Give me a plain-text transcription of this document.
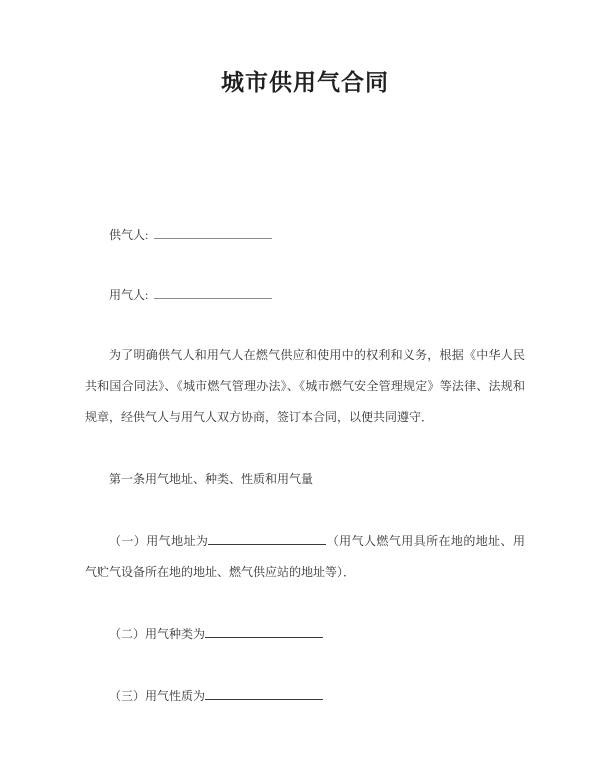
城市供用气合同

供气人:

用气人:

为了明确供气人和用气人在燃气供应和使用中的权利和义务，根据《中华人民共和国合同法》、《城市燃气管理办法》、《城市燃气安全管理规定》等法律、法规和规章，经供气人与用气人双方协商，签订本合同，以便共同遵守．

第一条用气地址、种类、性质和用气量

（一）用气地址为	（用气人燃气用具所在地的地址、用气贮气设备所在地的地址、燃气供应站的地址等）．

（二）用气种类为

（三）用气性质为
